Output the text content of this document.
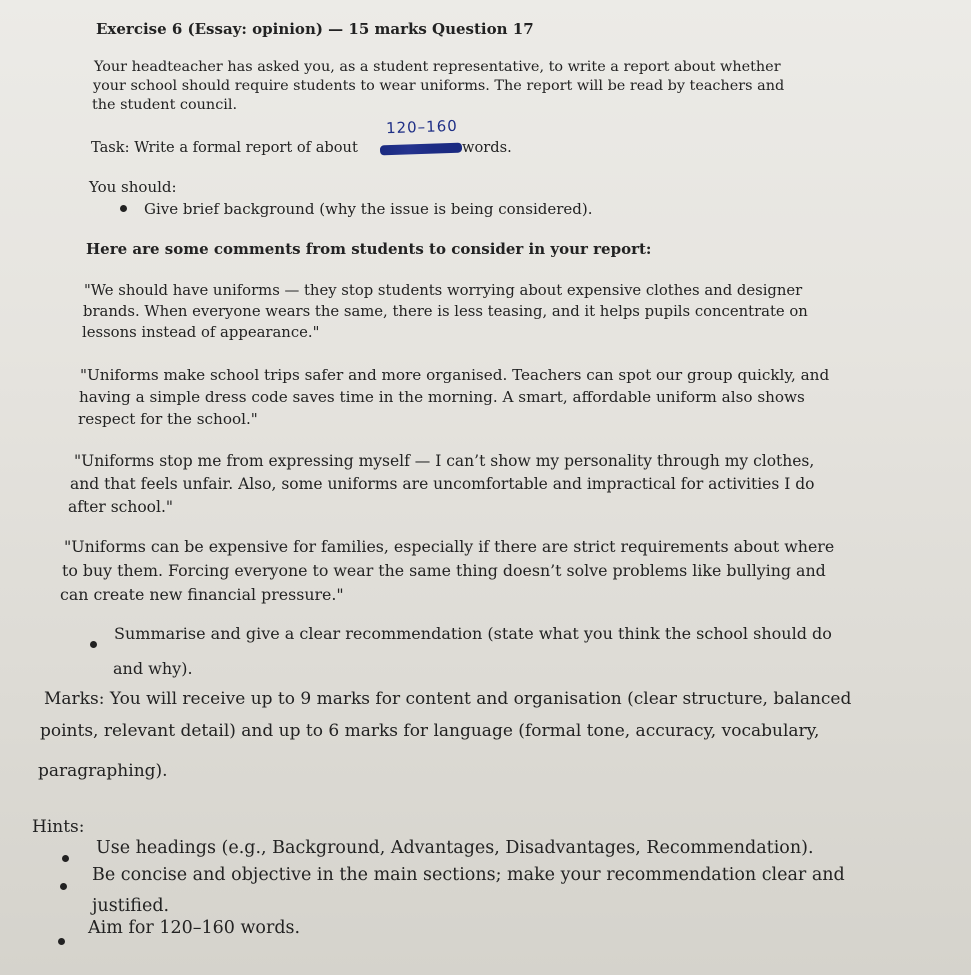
Exercise 6 (Essay: opinion) — 15 marks Question 17

Your headteacher has asked you, as a student representative, to write a report about whether

your school should require students to wear uniforms. The report will be read by teachers and

the student council.

120–160

Task: Write a formal report of about	words.

You should:

Give brief background (why the issue is being considered).

Here are some comments from students to consider in your report:

"We should have uniforms — they stop students worrying about expensive clothes and designer

brands. When everyone wears the same, there is less teasing, and it helps pupils concentrate on

lessons instead of appearance."

"Uniforms make school trips safer and more organised. Teachers can spot our group quickly, and

having a simple dress code saves time in the morning. A smart, affordable uniform also shows

respect for the school."

"Uniforms stop me from expressing myself — I can’t show my personality through my clothes,

and that feels unfair. Also, some uniforms are uncomfortable and impractical for activities I do

after school."

"Uniforms can be expensive for families, especially if there are strict requirements about where

to buy them. Forcing everyone to wear the same thing doesn’t solve problems like bullying and

can create new financial pressure."

Summarise and give a clear recommendation (state what you think the school should do

and why).

Marks: You will receive up to 9 marks for content and organisation (clear structure, balanced

points, relevant detail) and up to 6 marks for language (formal tone, accuracy, vocabulary,

paragraphing).

Hints:

Use headings (e.g., Background, Advantages, Disadvantages, Recommendation).

Be concise and objective in the main sections; make your recommendation clear and

justified.

Aim for 120–160 words.
